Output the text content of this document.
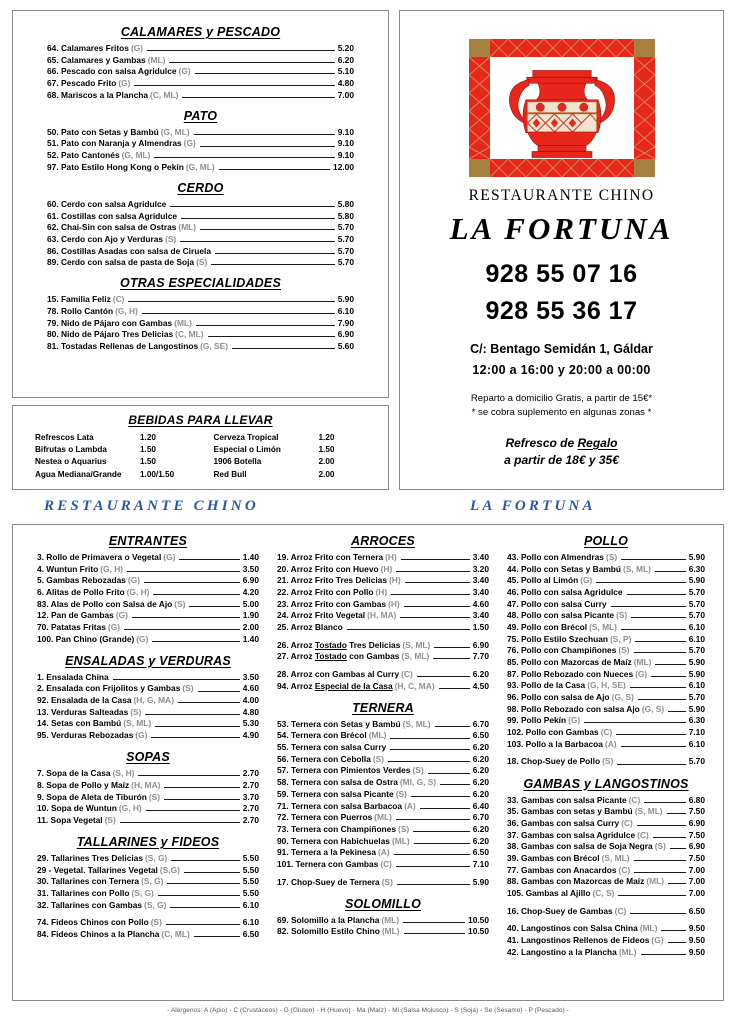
CALAMARES y PESCADO
64. Calamares Fritos (G)	5.20
65. Calamares y Gambas (ML)	6.20
66. Pescado con salsa Agridulce (G)	5.10
67. Pescado Frito (G)	4.80
68. Mariscos a la Plancha (C, ML)	7.00
PATO
50. Pato con Setas y Bambú (G, ML)	9.10
51. Pato con Naranja y Almendras (G)	9.10
52. Pato Cantonés (G, ML)	9.10
97. Pato Estilo Hong Kong o Pekín (G, ML)	12.00
CERDO
60. Cerdo con salsa Agridulce	5.80
61. Costillas con salsa Agridulce	5.80
62. Chai-Sin con salsa de Ostras (ML)	5.70
63. Cerdo con Ajo y Verduras (S)	5.70
86. Costillas Asadas con salsa de Ciruela	5.70
89. Cerdo con salsa de pasta de Soja (S)	5.70
OTRAS ESPECIALIDADES
15. Familia Feliz (C)	5.90
78. Rollo Cantón (G, H)	6.10
79. Nido de Pájaro con Gambas (ML)	7.90
80. Nido de Pájaro Tres Delicias (C, ML)	6.90
81. Tostadas Rellenas de Langostinos (G, SE)	5.60
BEBIDAS PARA LLEVAR
Refrescos Lata	1.20
Bifrutas o Lambda	1.50
Nestea o Aquarius	1.50
Agua Mediana/Grande	1.00/1.50
Cerveza Tropical	1.20
Especial o Limón	1.50
1906 Botella	2.00
Red Bull	2.00
RESTAURANTE CHINO
LA FORTUNA
928 55 07 16
928 55 36 17
C/: Bentago Semidán 1, Gáldar
12:00 a 16:00 y 20:00 a 00:00
Reparto a domicilio Gratis, a partir de 15€*
* se cobra suplemento en algunas zonas *
Refresco de Regalo
a partir de 18€ y 35€
RESTAURANTE CHINO	LA FORTUNA
ENTRANTES
3. Rollo de Primavera o Vegetal (G)	1.40
4. Wuntun Frito (G, H)	3.50
5. Gambas Rebozadas (G)	6.90
6. Alitas de Pollo Frito (G, H)	4.20
83. Alas de Pollo con Salsa de Ajo (S)	5.00
12. Pan de Gambas (G)	1.90
70. Patatas Fritas (G)	2.00
100. Pan Chino (Grande) (G)	1.40
ENSALADAS y VERDURAS
1. Ensalada China	3.50
2. Ensalada con Frijolitos y Gambas (S)	4.60
92. Ensalada de la Casa (H, G, MA)	4.00
13. Verduras Salteadas (S)	4.80
14. Setas con Bambú (S, ML)	5.30
95. Verduras Rebozadas (G)	4.90
SOPAS
7. Sopa de la Casa (S, H)	2.70
8. Sopa de Pollo y Maíz (H, MA)	2.70
9. Sopa de Aleta de Tiburón (S)	3.70
10. Sopa de Wuntun (G, H)	2.70
11. Sopa Vegetal (S)	2.70
TALLARINES y FIDEOS
29. Tallarines Tres Delicias (S, G)	5.50
29 - Vegetal. Tallarines Vegetal (S,G)	5.50
30. Tallarines con Ternera (S, G)	5.50
31. Tallarines con Pollo (S, G)	5.50
32. Tallarines con Gambas (S, G)	6.10
74. Fideos Chinos con Pollo (S)	6.10
84. Fideos Chinos a la Plancha (C, ML)	6.50
ARROCES
19. Arroz Frito con Ternera (H)	3.40
20. Arroz Frito con Huevo (H)	3.20
21. Arroz Frito Tres Delicias (H)	3.40
22. Arroz Frito con Pollo (H)	3.40
23. Arroz Frito con Gambas (H)	4.60
24. Arroz Frito Vegetal (H, MA)	3.40
25. Arroz Blanco	1.50
26. Arroz Tostado Tres Delicias (S, ML)	6.90
27. Arroz Tostado con Gambas (S, ML)	7.70
28. Arroz con Gambas al Curry (C)	6.20
94. Arroz Especial de la Casa (H, C, MA)	4.50
TERNERA
53. Ternera con Setas y Bambú (S, ML)	6.70
54. Ternera con Brécol (ML)	6.50
55. Ternera con salsa Curry	6.20
56. Ternera con Cebolla (S)	6.20
57. Ternera con Pimientos Verdes (S)	6.20
58. Ternera con salsa de Ostra (Ml, G, S)	6.20
59. Ternera con salsa Picante (S)	6.20
71. Ternera con salsa Barbacoa (A)	6.40
72. Ternera con Puerros (ML)	6.70
73. Ternera con Champiñones (S)	6.20
90. Ternera con Habichuelas (ML)	6.20
91. Ternera a la Pekinesa (A)	6.50
101. Ternera con Gambas (C)	7.10
17. Chop-Suey de Ternera (S)	5.90
SOLOMILLO
69. Solomillo a la Plancha (ML)	10.50
82. Solomillo Estilo Chino (ML)	10.50
POLLO
43. Pollo con Almendras (S)	5.90
44. Pollo con Setas y Bambú (S, ML)	6.30
45. Pollo al Limón (G)	5.90
46. Pollo con salsa Agridulce	5.70
47. Pollo con salsa Curry	5.70
48. Pollo con salsa Picante (S)	5.70
49. Pollo con Brécol (S, ML)	6.10
75. Pollo Estilo Szechuan (S, P)	6.10
76. Pollo con Champiñones (S)	5.70
85. Pollo con Mazorcas de Maíz (ML)	5.90
87. Pollo Rebozado con Nueces (G)	5.90
93. Pollo de la Casa (G, H, SE)	6.10
96. Pollo con salsa de Ajo (G, S)	5.70
98. Pollo Rebozado con salsa Ajo (G, S)	5.90
99. Pollo Pekín (G)	6.30
102. Pollo con Gambas (C)	7.10
103. Pollo a la Barbacoa (A)	6.10
18. Chop-Suey de Pollo (S)	5.70
GAMBAS y LANGOSTINOS
33. Gambas con salsa Picante (C)	6.80
35. Gambas con setas y Bambú (S, ML)	7.50
36. Gambas con salsa Curry (C)	6.90
37. Gambas con salsa Agridulce (C)	7.50
38. Gambas con salsa de Soja Negra (S)	6.90
39. Gambas con Brécol (S, ML)	7.50
77. Gambas con Anacardos (C)	7.00
88. Gambas con Mazorcas de Maíz (ML)	7.00
105. Gambas al Ajillo (C, S)	7.00
16. Chop-Suey de Gambas (C)	6.50
40. Langostinos con Salsa China (ML)	9.50
41. Langostinos Rellenos de Fideos (G)	9.50
42. Langostino a la Plancha (ML)	9.50
- Alérgenos: A (Apio) - C (Crustáceos) - G (Gluten) - H (Huevo) - Ma (Maíz) - Mi (Salsa Molusco) - S (Soja) - Se (Sésamo) - P (Pescado) -
